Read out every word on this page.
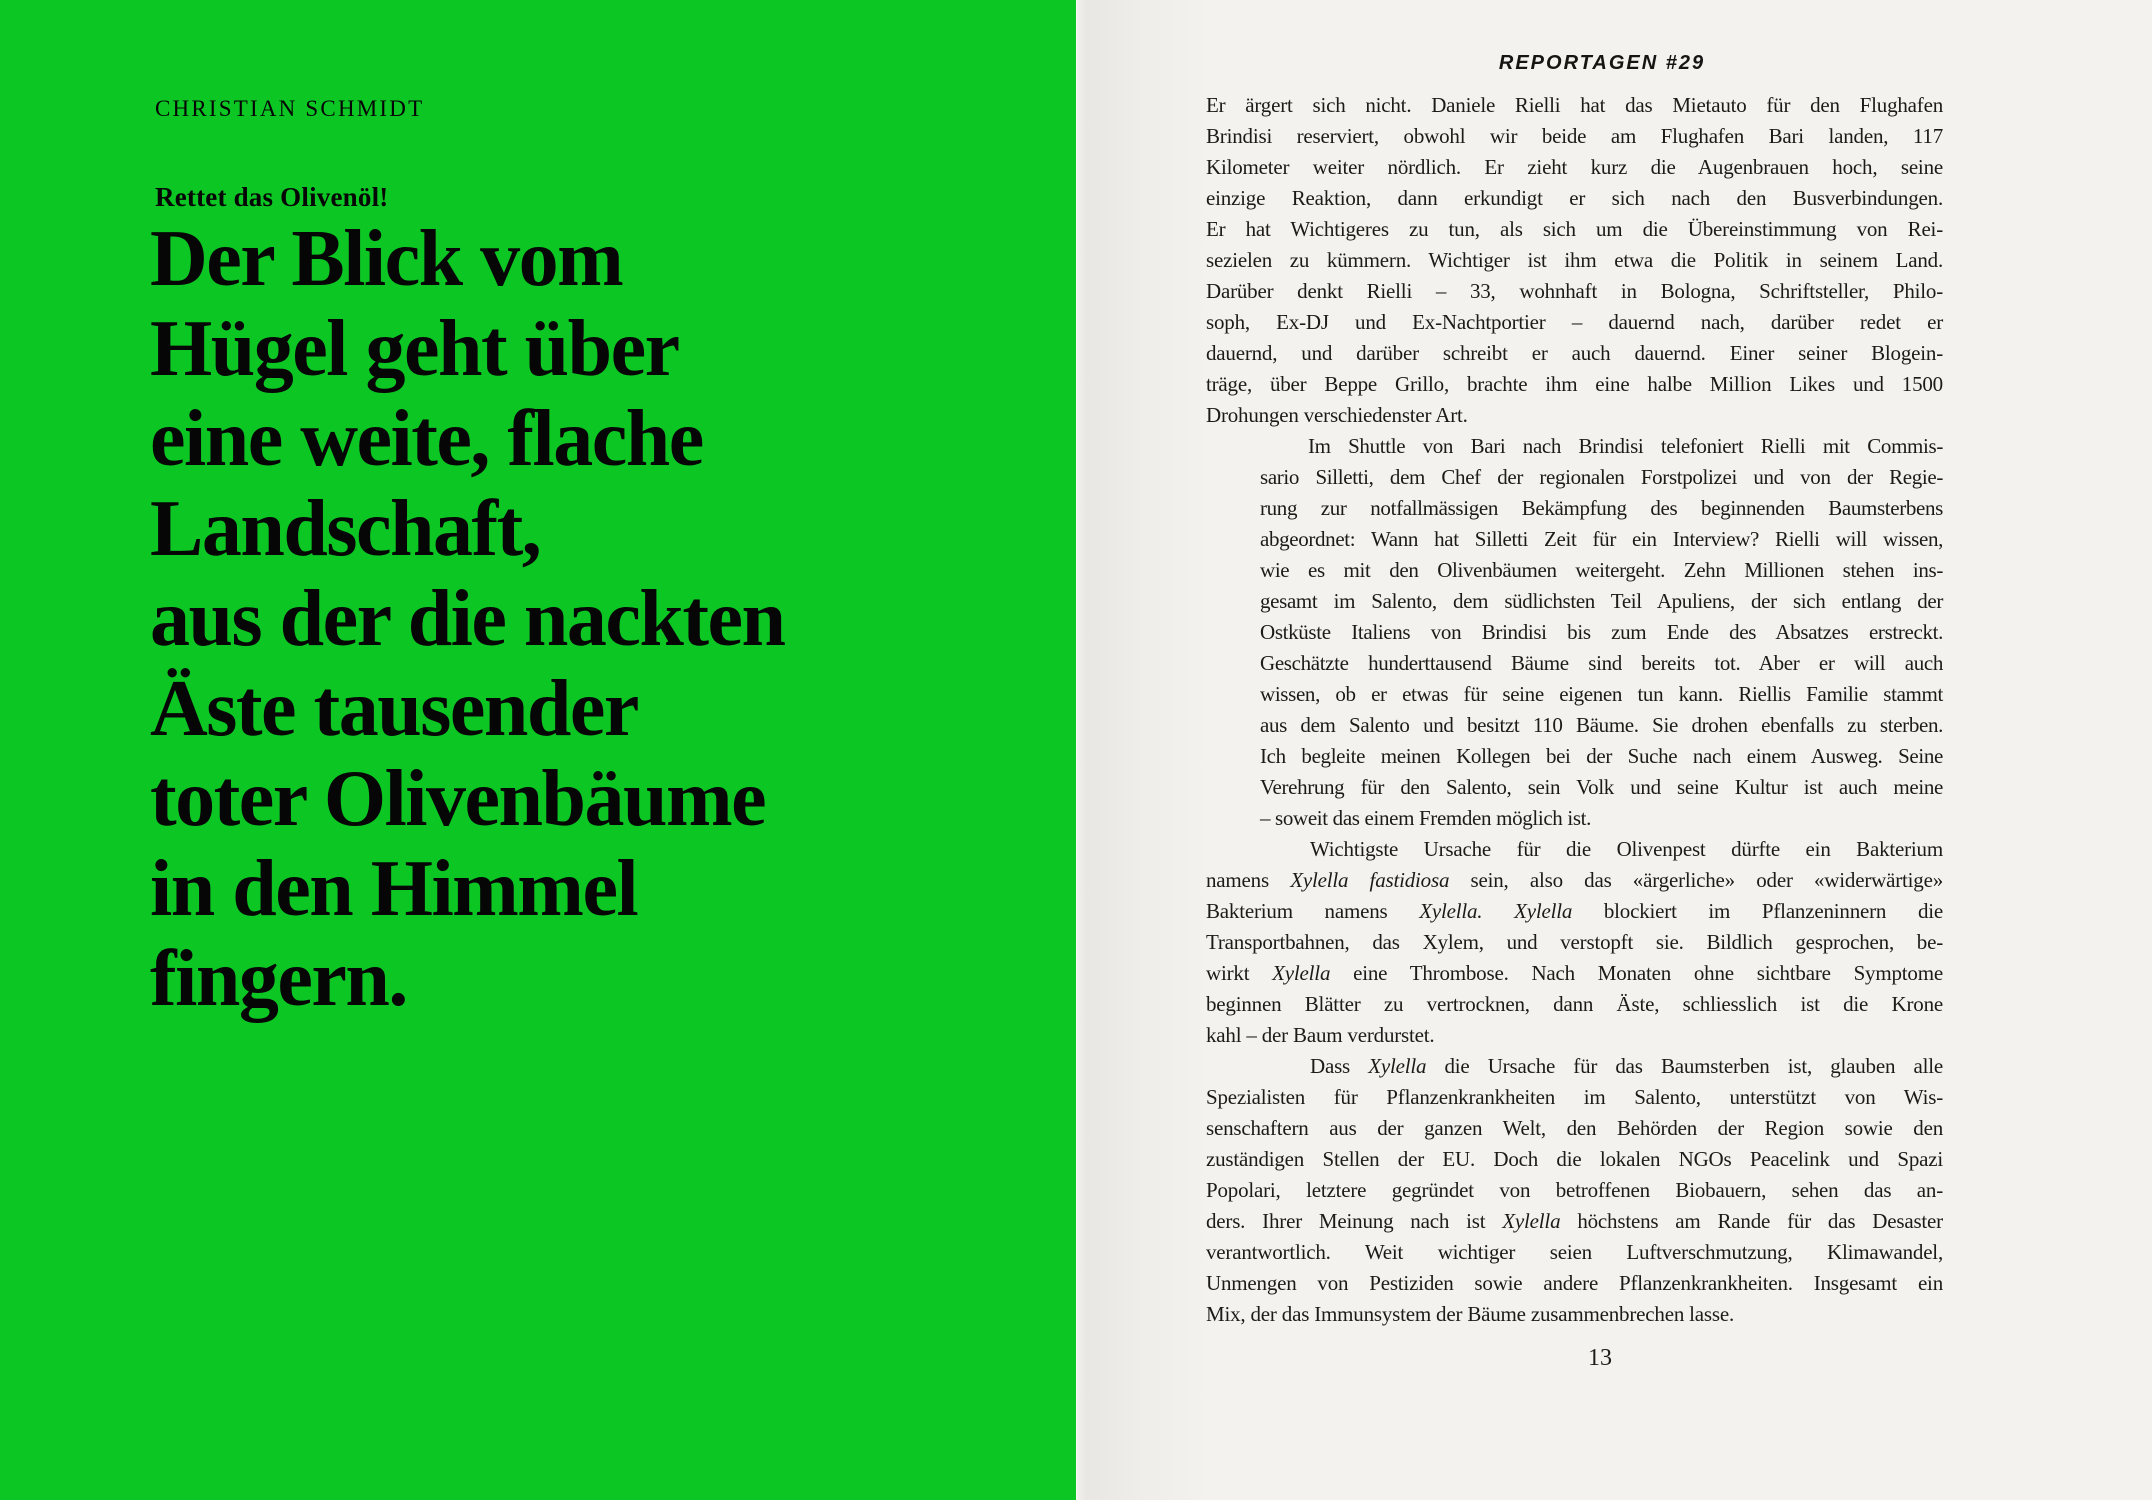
CHRISTIAN SCHMIDT
Rettet das Olivenöl!
Der Blick vom
Hügel geht über
eine weite, flache
Landschaft,
aus der die nackten
Äste tausender
toter Olivenbäume
in den Himmel
fingern.
REPORTAGEN #29
Er ärgert sich nicht. Daniele Rielli hat das Mietauto für den Flughafen
Brindisi reserviert, obwohl wir beide am Flughafen Bari landen, 117
Kilometer weiter nördlich. Er zieht kurz die Augenbrauen hoch, seine
einzige Reaktion, dann erkundigt er sich nach den Busverbindungen.
Er hat Wichtigeres zu tun, als sich um die Übereinstimmung von Rei-
sezielen zu kümmern. Wichtiger ist ihm etwa die Politik in seinem Land.
Darüber denkt Rielli – 33, wohnhaft in Bologna, Schriftsteller, Philo-
soph, Ex-DJ und Ex-Nachtportier – dauernd nach, darüber redet er
dauernd, und darüber schreibt er auch dauernd. Einer seiner Blogein-
träge, über Beppe Grillo, brachte ihm eine halbe Million Likes und 1500
Drohungen verschiedenster Art.
Im Shuttle von Bari nach Brindisi telefoniert Rielli mit Commis-
sario Silletti, dem Chef der regionalen Forstpolizei und von der Regie-
rung zur notfallmässigen Bekämpfung des beginnenden Baumsterbens
abgeordnet: Wann hat Silletti Zeit für ein Interview? Rielli will wissen,
wie es mit den Olivenbäumen weitergeht. Zehn Millionen stehen ins-
gesamt im Salento, dem südlichsten Teil Apuliens, der sich entlang der
Ostküste Italiens von Brindisi bis zum Ende des Absatzes erstreckt.
Geschätzte hunderttausend Bäume sind bereits tot. Aber er will auch
wissen, ob er etwas für seine eigenen tun kann. Riellis Familie stammt
aus dem Salento und besitzt 110 Bäume. Sie drohen ebenfalls zu sterben.
Ich begleite meinen Kollegen bei der Suche nach einem Ausweg. Seine
Verehrung für den Salento, sein Volk und seine Kultur ist auch meine
– soweit das einem Fremden möglich ist.
Wichtigste Ursache für die Olivenpest dürfte ein Bakterium
namens Xylella fastidiosa sein, also das «ärgerliche» oder «widerwärtige»
Bakterium namens Xylella. Xylella blockiert im Pflanzeninnern die
Transportbahnen, das Xylem, und verstopft sie. Bildlich gesprochen, be-
wirkt Xylella eine Thrombose. Nach Monaten ohne sichtbare Symptome
beginnen Blätter zu vertrocknen, dann Äste, schliesslich ist die Krone
kahl – der Baum verdurstet.
Dass Xylella die Ursache für das Baumsterben ist, glauben alle
Spezialisten für Pflanzenkrankheiten im Salento, unterstützt von Wis-
senschaftern aus der ganzen Welt, den Behörden der Region sowie den
zuständigen Stellen der EU. Doch die lokalen NGOs Peacelink und Spazi
Popolari, letztere gegründet von betroffenen Biobauern, sehen das an-
ders. Ihrer Meinung nach ist Xylella höchstens am Rande für das Desaster
verantwortlich. Weit wichtiger seien Luftverschmutzung, Klimawandel,
Unmengen von Pestiziden sowie andere Pflanzenkrankheiten. Insgesamt ein
Mix, der das Immunsystem der Bäume zusammenbrechen lasse.
13
